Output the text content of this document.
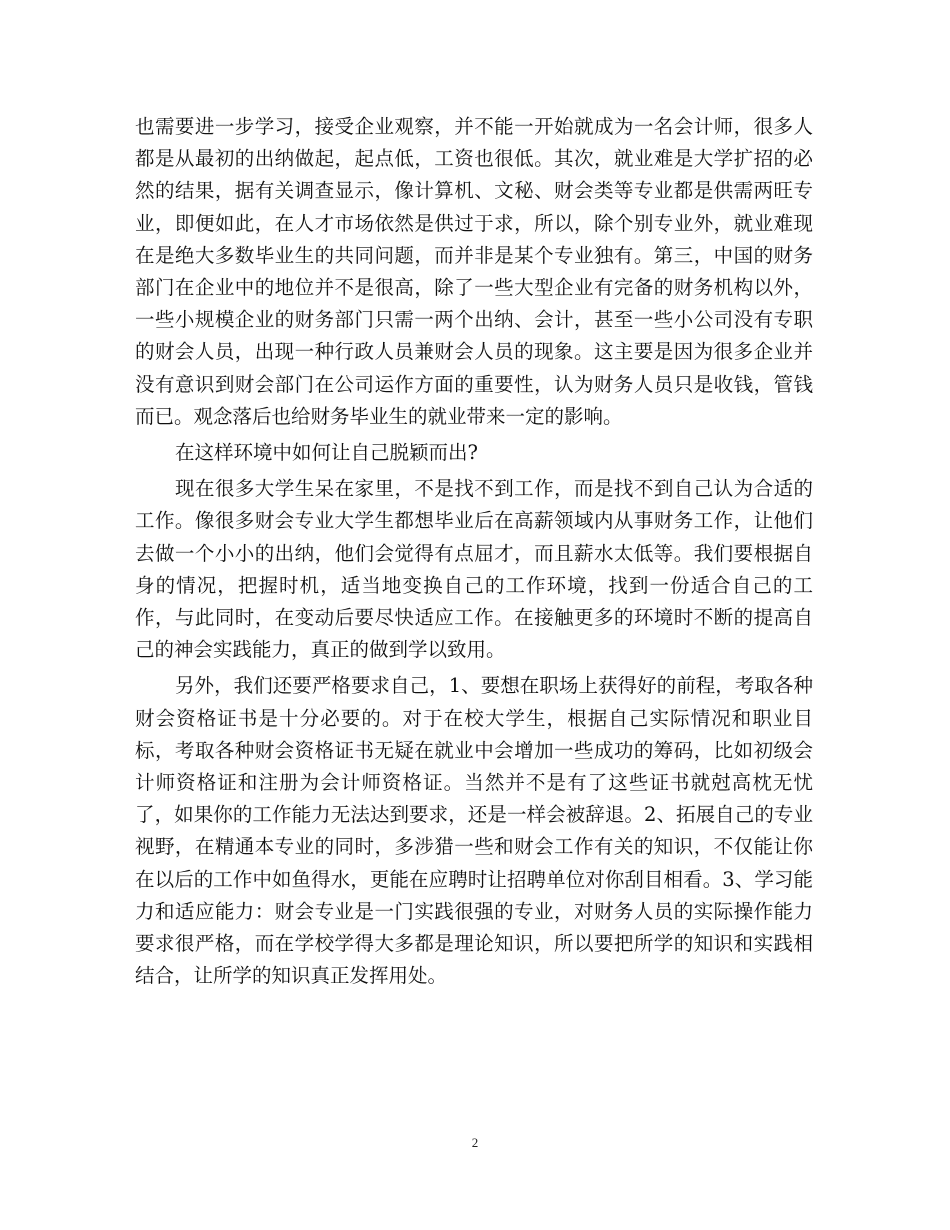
也需要进一步学习，接受企业观察，并不能一开始就成为一名会计师，很多人都是从最初的出纳做起，起点低，工资也很低。其次，就业难是大学扩招的必然的结果，据有关调查显示，像计算机、文秘、财会类等专业都是供需两旺专业，即便如此，在人才市场依然是供过于求，所以，除个别专业外，就业难现在是绝大多数毕业生的共同问题，而并非是某个专业独有。第三，中国的财务部门在企业中的地位并不是很高，除了一些大型企业有完备的财务机构以外，一些小规模企业的财务部门只需一两个出纳、会计，甚至一些小公司没有专职的财会人员，出现一种行政人员兼财会人员的现象。这主要是因为很多企业并没有意识到财会部门在公司运作方面的重要性，认为财务人员只是收钱，管钱而已。观念落后也给财务毕业生的就业带来一定的影响。

在这样环境中如何让自己脱颖而出?

现在很多大学生呆在家里，不是找不到工作，而是找不到自己认为合适的工作。像很多财会专业大学生都想毕业后在高薪领域内从事财务工作，让他们去做一个小小的出纳，他们会觉得有点屈才，而且薪水太低等。我们要根据自身的情况，把握时机，适当地变换自己的工作环境，找到一份适合自己的工作，与此同时，在变动后要尽快适应工作。在接触更多的环境时不断的提高自己的神会实践能力，真正的做到学以致用。

另外，我们还要严格要求自己，1、要想在职场上获得好的前程，考取各种财会资格证书是十分必要的。对于在校大学生，根据自己实际情况和职业目标，考取各种财会资格证书无疑在就业中会增加一些成功的筹码，比如初级会计师资格证和注册为会计师资格证。当然并不是有了这些证书就尅高枕无忧了，如果你的工作能力无法达到要求，还是一样会被辞退。2、拓展自己的专业视野，在精通本专业的同时，多涉猎一些和财会工作有关的知识，不仅能让你在以后的工作中如鱼得水，更能在应聘时让招聘单位对你刮目相看。3、学习能力和适应能力：财会专业是一门实践很强的专业，对财务人员的实际操作能力要求很严格，而在学校学得大多都是理论知识，所以要把所学的知识和实践相结合，让所学的知识真正发挥用处。

2
